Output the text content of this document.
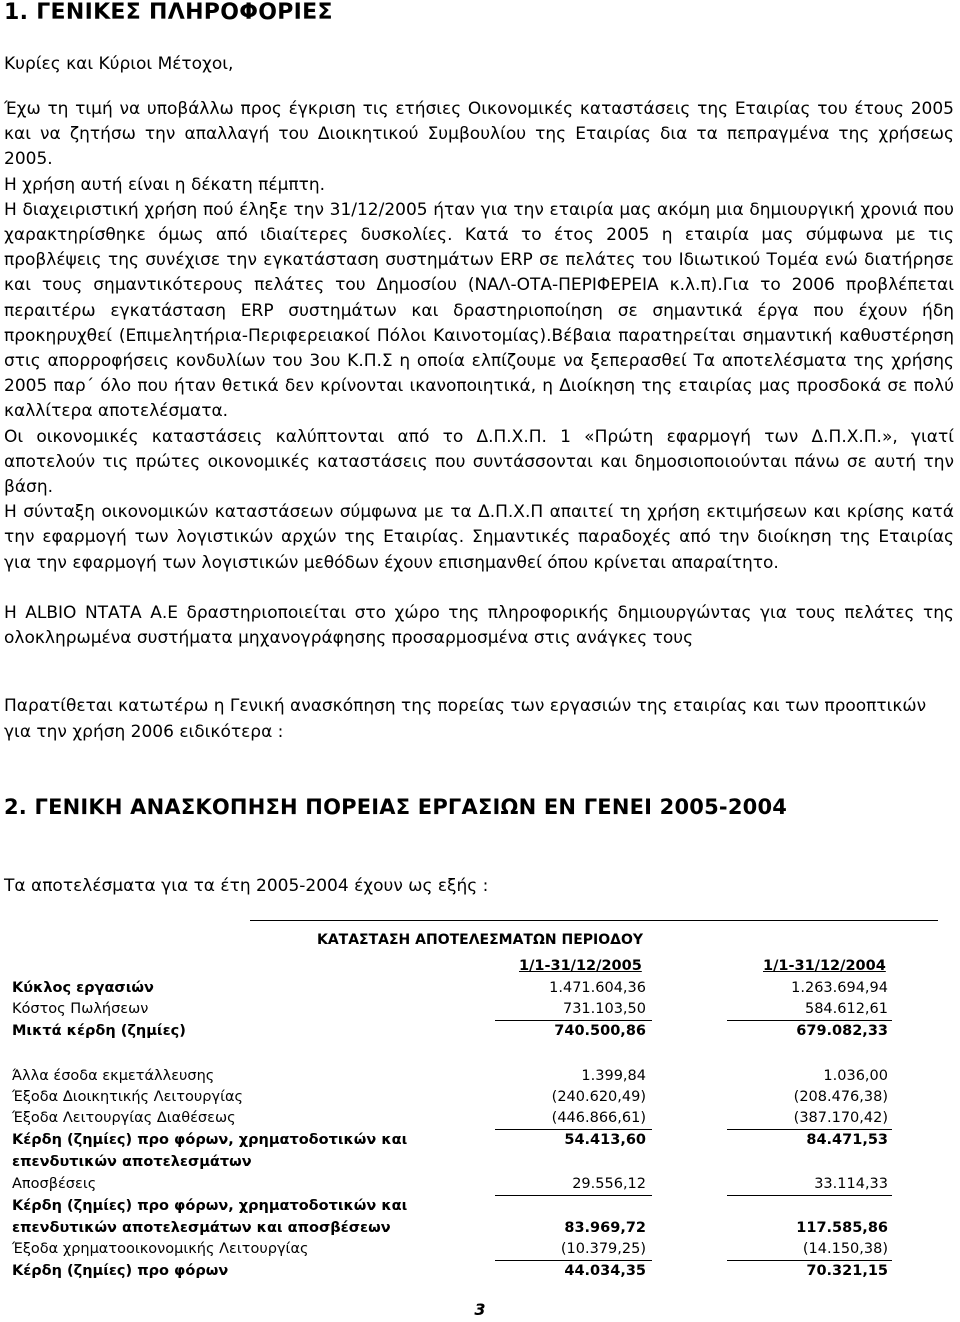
1. ΓΕΝΙΚΕΣ ΠΛΗΡΟΦΟΡΙΕΣ
Κυρίες και Κύριοι Μέτοχοι,

Έχω τη τιμή να υποβάλλω προς έγκριση τις ετήσιες Οικονομικές καταστάσεις της Εταιρίας του έτους 2005 και να ζητήσω την απαλλαγή του Διοικητικού Συμβουλίου της Εταιρίας δια τα πεπραγμένα της χρήσεως 2005.

Η χρήση αυτή είναι η δέκατη πέμπτη.

Η διαχειριστική χρήση πού έληξε την 31/12/2005 ήταν για την εταιρία μας ακόμη μια δημιουργική χρονιά που χαρακτηρίσθηκε όμως από ιδιαίτερες δυσκολίες. Κατά το έτος 2005 η εταιρία μας σύμφωνα με τις προβλέψεις της συνέχισε την εγκατάσταση συστημάτων ERP σε πελάτες του Ιδιωτικού Τομέα ενώ διατήρησε και τους σημαντικότερους πελάτες του Δημοσίου (ΝΑΛ-ΟΤΑ-ΠΕΡΙΦΕΡΕΙΑ κ.λ.π).Για το 2006 προβλέπεται περαιτέρω εγκατάσταση ERP συστημάτων και δραστηριοποίηση σε σημαντικά έργα που έχουν ήδη προκηρυχθεί (Επιμελητήρια-Περιφερειακοί Πόλοι Καινοτομίας).Βέβαια παρατηρείται σημαντική καθυστέρηση στις απορροφήσεις κονδυλίων του 3ου Κ.Π.Σ η οποία ελπίζουμε να ξεπερασθεί Τα αποτελέσματα της χρήσης 2005 παρ΄ όλο που ήταν θετικά δεν κρίνονται ικανοποιητικά, η Διοίκηση της εταιρίας μας προσδοκά σε πολύ καλλίτερα αποτελέσματα.

Οι οικονομικές καταστάσεις καλύπτονται από το Δ.Π.Χ.Π. 1 «Πρώτη εφαρμογή των Δ.Π.Χ.Π.», γιατί αποτελούν τις πρώτες οικονομικές καταστάσεις που συντάσσονται και δημοσιοποιούνται πάνω σε αυτή την βάση.

Η σύνταξη οικονομικών καταστάσεων σύμφωνα με τα Δ.Π.Χ.Π απαιτεί τη χρήση εκτιμήσεων και κρίσης κατά την εφαρμογή των λογιστικών αρχών της Εταιρίας. Σημαντικές παραδοχές από την διοίκηση της Εταιρίας για την εφαρμογή των λογιστικών μεθόδων έχουν επισημανθεί όπου κρίνεται απαραίτητο.

Η ALBIO ΝΤΑΤΑ Α.Ε δραστηριοποιείται στο χώρο της πληροφορικής δημιουργώντας για τους πελάτες της ολοκληρωμένα συστήματα μηχανογράφησης προσαρμοσμένα στις ανάγκες τους

Παρατίθεται κατωτέρω η Γενική ανασκόπηση της πορείας των εργασιών της εταιρίας και των προοπτικών για την χρήση 2006 ειδικότερα :
2. ΓΕΝΙΚΗ ΑΝΑΣΚΟΠΗΣΗ ΠΟΡΕΙΑΣ ΕΡΓΑΣΙΩΝ ΕΝ ΓΕΝΕΙ 2005-2004
Τα αποτελέσματα για τα έτη 2005-2004 έχουν ως εξής :
ΚΑΤΑΣΤΑΣΗ ΑΠΟΤΕΛΕΣΜΑΤΩΝ ΠΕΡΙΟΔΟΥ
1/1-31/12/2005	1/1-31/12/2004
Κύκλος εργασιών	1.471.604,36	1.263.694,94
Κόστος Πωλήσεων	731.103,50	584.612,61
Μικτά κέρδη (ζημίες)	740.500,86	679.082,33
Άλλα έσοδα εκμετάλλευσης	1.399,84	1.036,00
Έξοδα Διοικητικής Λειτουργίας	(240.620,49)	(208.476,38)
Έξοδα Λειτουργίας Διαθέσεως	(446.866,61)	(387.170,42)
Κέρδη (ζημίες) προ φόρων, χρηματοδοτικών και	54.413,60	84.471,53
επενδυτικών αποτελεσμάτων
Αποσβέσεις	29.556,12	33.114,33
Κέρδη (ζημίες) προ φόρων, χρηματοδοτικών και
επενδυτικών αποτελεσμάτων και αποσβέσεων	83.969,72	117.585,86
Έξοδα χρηματοοικονομικής Λειτουργίας	(10.379,25)	(14.150,38)
Κέρδη (ζημίες) προ φόρων	44.034,35	70.321,15
3
